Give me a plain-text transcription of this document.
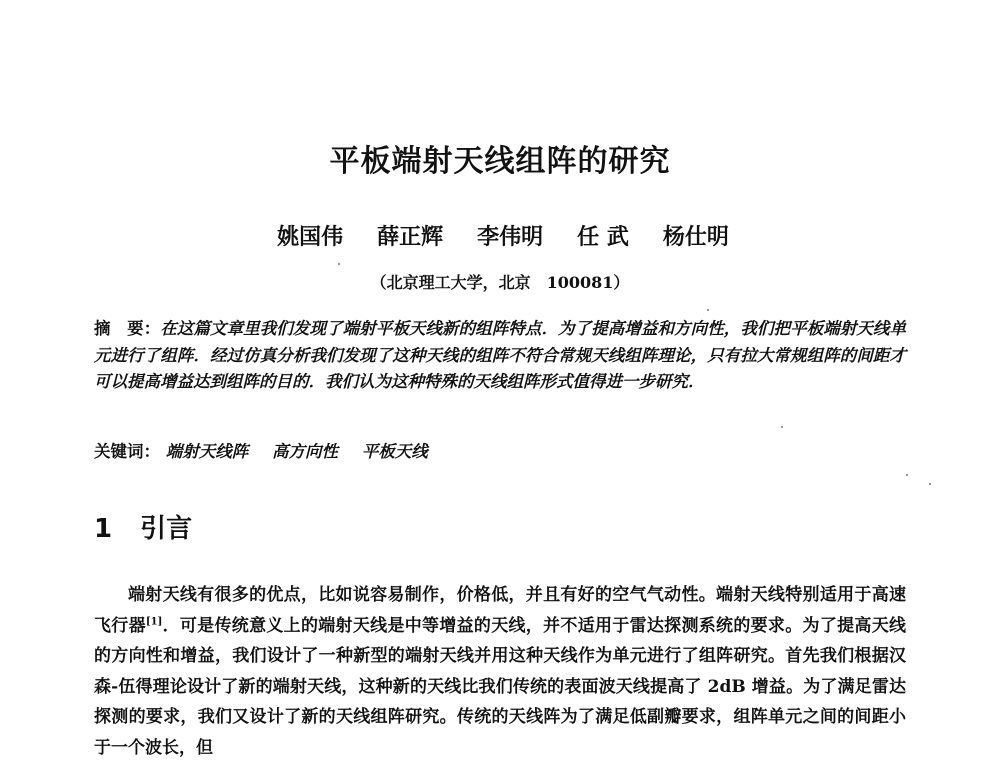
平板端射天线组阵的研究
姚国伟 薛正辉 李伟明 任 武 杨仕明
（北京理工大学，北京　100081）
摘　要：在这篇文章里我们发现了端射平板天线新的组阵特点．为了提高增益和方向性，我们把平板端射天线单元进行了组阵．经过仿真分析我们发现了这种天线的组阵不符合常规天线组阵理论，只有拉大常规组阵的间距才可以提高增益达到组阵的目的．我们认为这种特殊的天线组阵形式值得进一步研究．
关键词： 端射天线阵 高方向性 平板天线
1 引言

端射天线有很多的优点，比如说容易制作，价格低，并且有好的空气气动性。端射天线特别适用于高速飞行器[1]．可是传统意义上的端射天线是中等增益的天线，并不适用于雷达探测系统的要求。为了提高天线的方向性和增益，我们设计了一种新型的端射天线并用这种天线作为单元进行了组阵研究。首先我们根据汉森-伍得理论设计了新的端射天线，这种新的天线比我们传统的表面波天线提高了 2dB 增益。为了满足雷达探测的要求，我们又设计了新的天线组阵研究。传统的天线阵为了满足低副瓣要求，组阵单元之间的间距小于一个波长，但
